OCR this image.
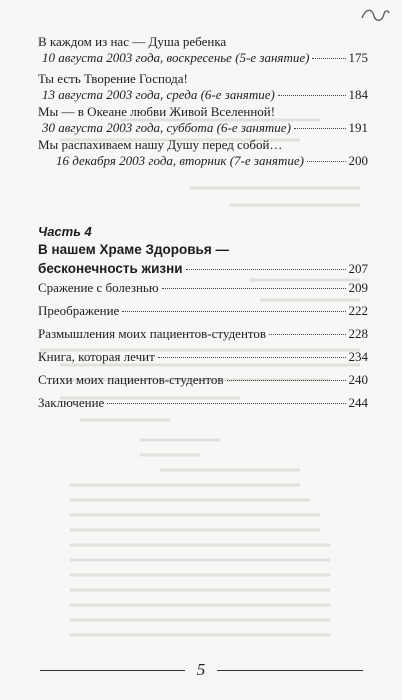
В каждом из нас — Душа ребенка
10 августа 2003 года, воскресенье (5-е занятие)	175
Ты есть Творение Господа!
13 августа 2003 года, среда (6-е занятие)	184
Мы — в Океане любви Живой Вселенной!
30 августа 2003 года, суббота (6-е занятие)	191
Мы распахиваем нашу Душу перед собой…
16 декабря 2003 года, вторник (7-е занятие)	200
Часть 4
В нашем Храме Здоровья —
бесконечность жизни	207
Сражение с болезнью	209
Преображение	222
Размышления моих пациентов-студентов	228
Книга, которая лечит	234
Стихи моих пациентов-студентов	240
Заключение	244
5
